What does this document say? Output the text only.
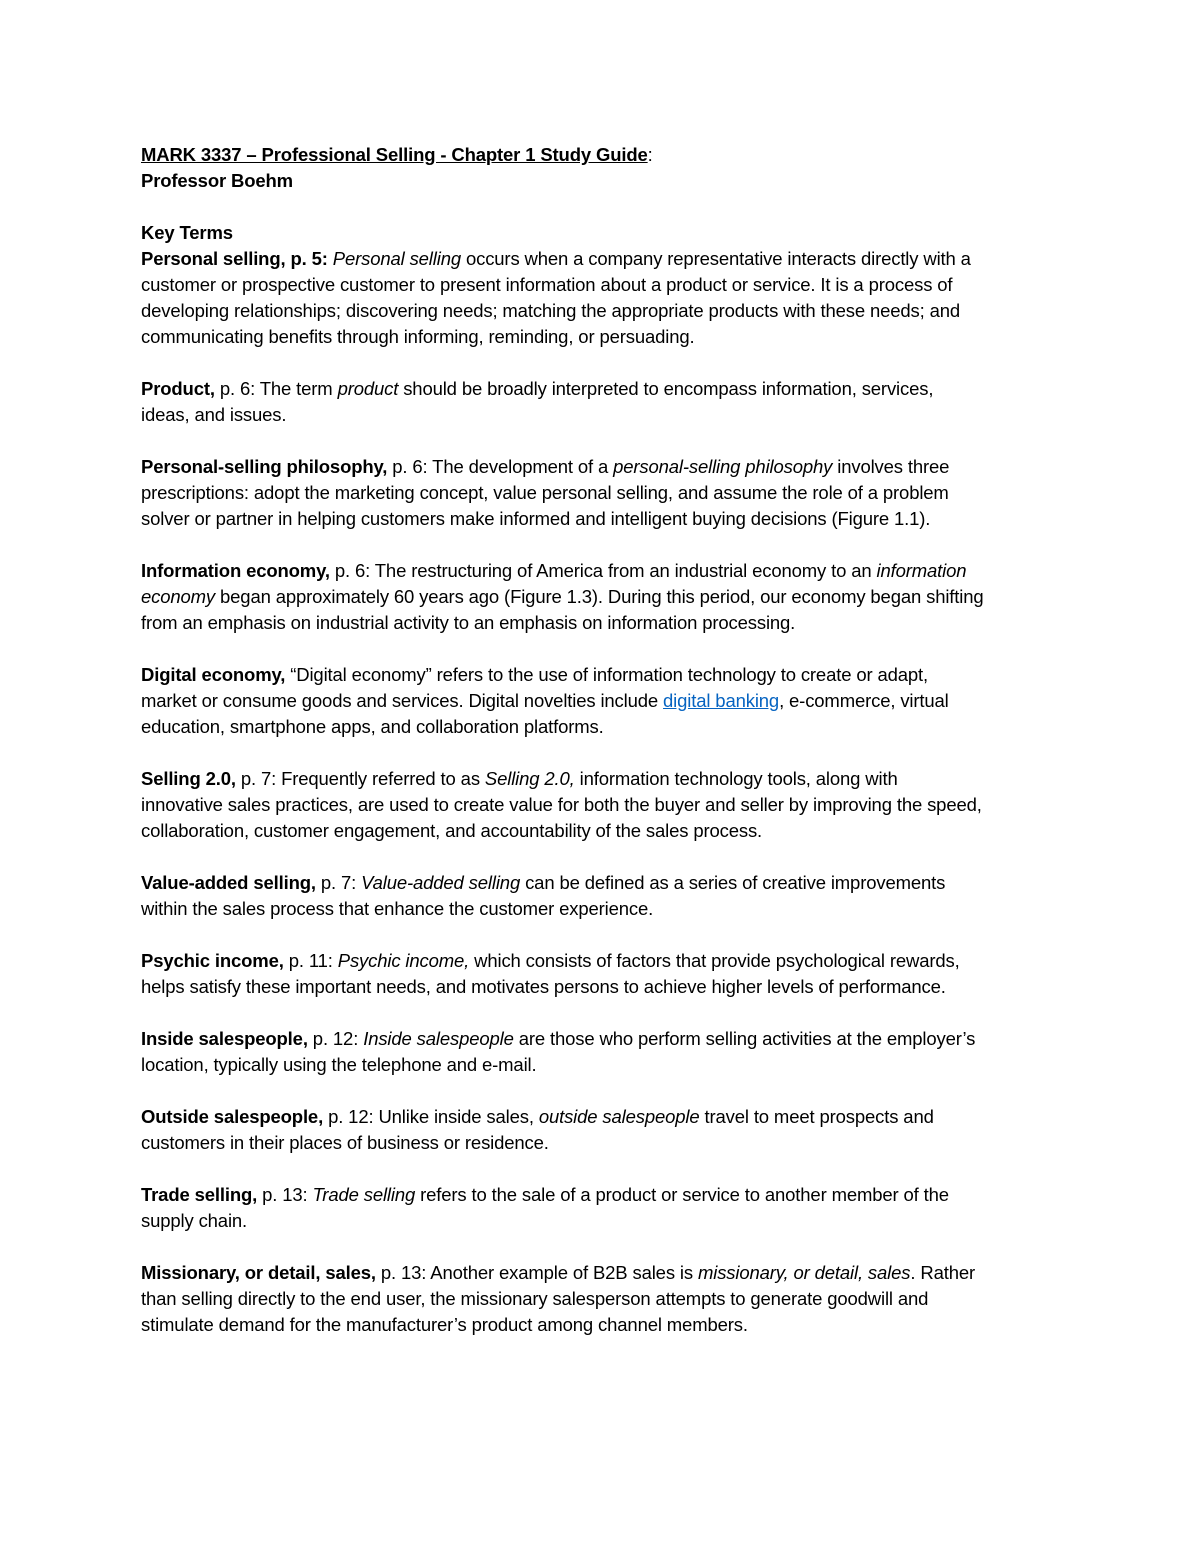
MARK 3337 – Professional Selling - Chapter 1 Study Guide:
Professor Boehm

Key Terms
Personal selling, p. 5: Personal selling occurs when a company representative interacts directly with a
customer or prospective customer to present information about a product or service. It is a process of
developing relationships; discovering needs; matching the appropriate products with these needs; and
communicating benefits through informing, reminding, or persuading.
Product, p. 6: The term product should be broadly interpreted to encompass information, services,
ideas, and issues.
Personal-selling philosophy, p. 6: The development of a personal-selling philosophy involves three
prescriptions: adopt the marketing concept, value personal selling, and assume the role of a problem
solver or partner in helping customers make informed and intelligent buying decisions (Figure 1.1).
Information economy, p. 6: The restructuring of America from an industrial economy to an information
economy began approximately 60 years ago (Figure 1.3). During this period, our economy began shifting
from an emphasis on industrial activity to an emphasis on information processing.
Digital economy, “Digital economy” refers to the use of information technology to create or adapt,
market or consume goods and services. Digital novelties include digital banking, e-commerce, virtual
education, smartphone apps, and collaboration platforms.
Selling 2.0, p. 7: Frequently referred to as Selling 2.0, information technology tools, along with
innovative sales practices, are used to create value for both the buyer and seller by improving the speed,
collaboration, customer engagement, and accountability of the sales process.
Value-added selling, p. 7: Value-added selling can be defined as a series of creative improvements
within the sales process that enhance the customer experience.
Psychic income, p. 11: Psychic income, which consists of factors that provide psychological rewards,
helps satisfy these important needs, and motivates persons to achieve higher levels of performance.
Inside salespeople, p. 12: Inside salespeople are those who perform selling activities at the employer’s
location, typically using the telephone and e-mail.
Outside salespeople, p. 12: Unlike inside sales, outside salespeople travel to meet prospects and
customers in their places of business or residence.
Trade selling, p. 13: Trade selling refers to the sale of a product or service to another member of the
supply chain.
Missionary, or detail, sales, p. 13: Another example of B2B sales is missionary, or detail, sales. Rather
than selling directly to the end user, the missionary salesperson attempts to generate goodwill and
stimulate demand for the manufacturer’s product among channel members.
